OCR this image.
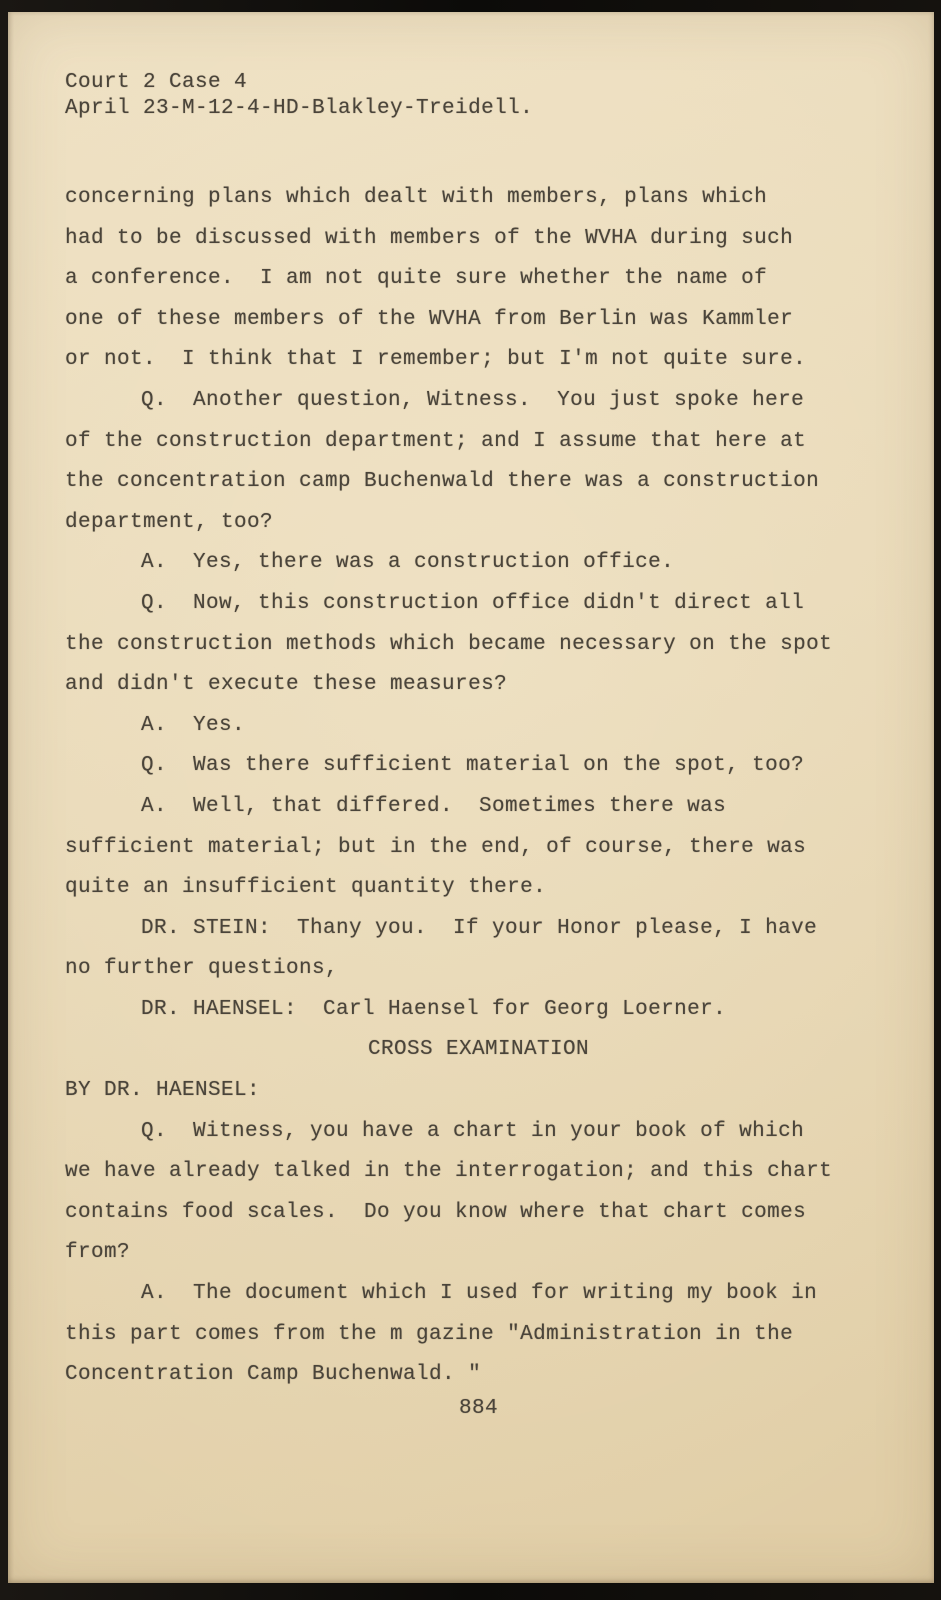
Court 2 Case 4
April 23-M-12-4-HD-Blakley-Treidell.
concerning plans which dealt with members, plans which
had to be discussed with members of the WVHA during such
a conference.  I am not quite sure whether the name of
one of these members of the WVHA from Berlin was Kammler
or not.  I think that I remember; but I'm not quite sure.
Q.  Another question, Witness.  You just spoke here
of the construction department; and I assume that here at
the concentration camp Buchenwald there was a construction
department, too?
A.  Yes, there was a construction office.
Q.  Now, this construction office didn't direct all
the construction methods which became necessary on the spot
and didn't execute these measures?
A.  Yes.
Q.  Was there sufficient material on the spot, too?
A.  Well, that differed.  Sometimes there was
sufficient material; but in the end, of course, there was
quite an insufficient quantity there.
DR. STEIN:  Thany you.  If your Honor please, I have
no further questions,
DR. HAENSEL:  Carl Haensel for Georg Loerner.
CROSS EXAMINATION
BY DR. HAENSEL:
Q.  Witness, you have a chart in your book of which
we have already talked in the interrogation; and this chart
contains food scales.  Do you know where that chart comes
from?
A.  The document which I used for writing my book in
this part comes from the m gazine "Administration in the
Concentration Camp Buchenwald. "
884
